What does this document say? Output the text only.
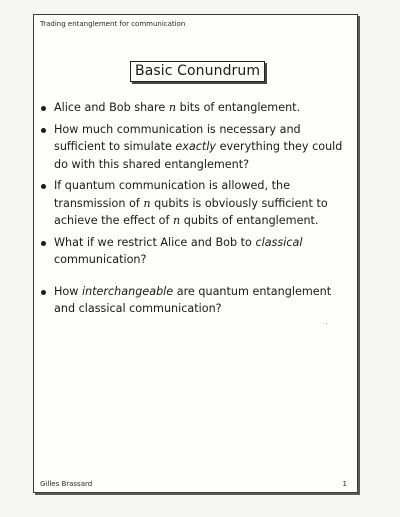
Trading entanglement for communication
Basic Conundrum
Alice and Bob share n bits of entanglement.
How much communication is necessary and sufficient to simulate exactly everything they could do with this shared entanglement?
If quantum communication is allowed, the transmission of n qubits is obviously sufficient to achieve the effect of n qubits of entanglement.
What if we restrict Alice and Bob to classical communication?
How interchangeable are quantum entanglement and classical communication?
Gilles Brassard	1
